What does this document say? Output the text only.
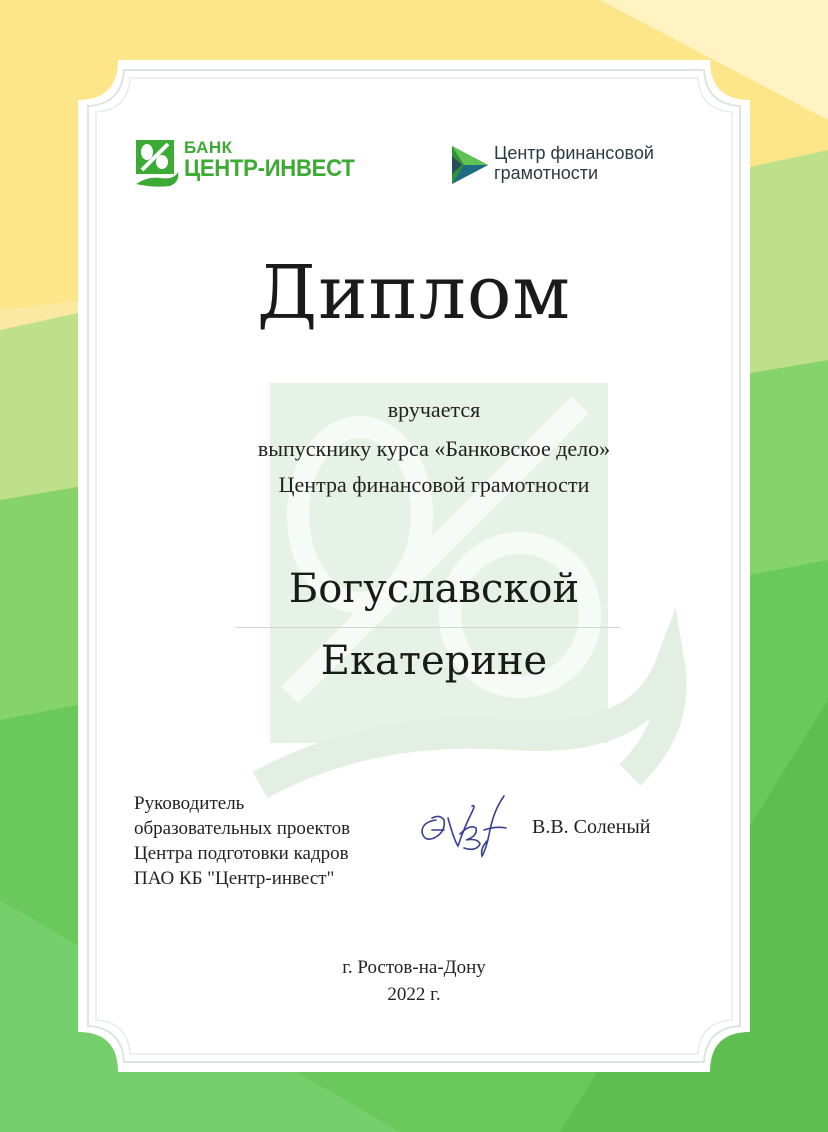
БАНК
ЦЕНТР-ИНВЕСТ
Центр финансовой
грамотности
Диплом
вручается
выпускнику курса «Банковское дело»
Центра финансовой грамотности
Богуславской
Екатерине
Руководитель
образовательных проектов
Центра подготовки кадров
ПАО КБ "Центр-инвест"
В.В. Соленый
г. Ростов-на-Дону
2022 г.
